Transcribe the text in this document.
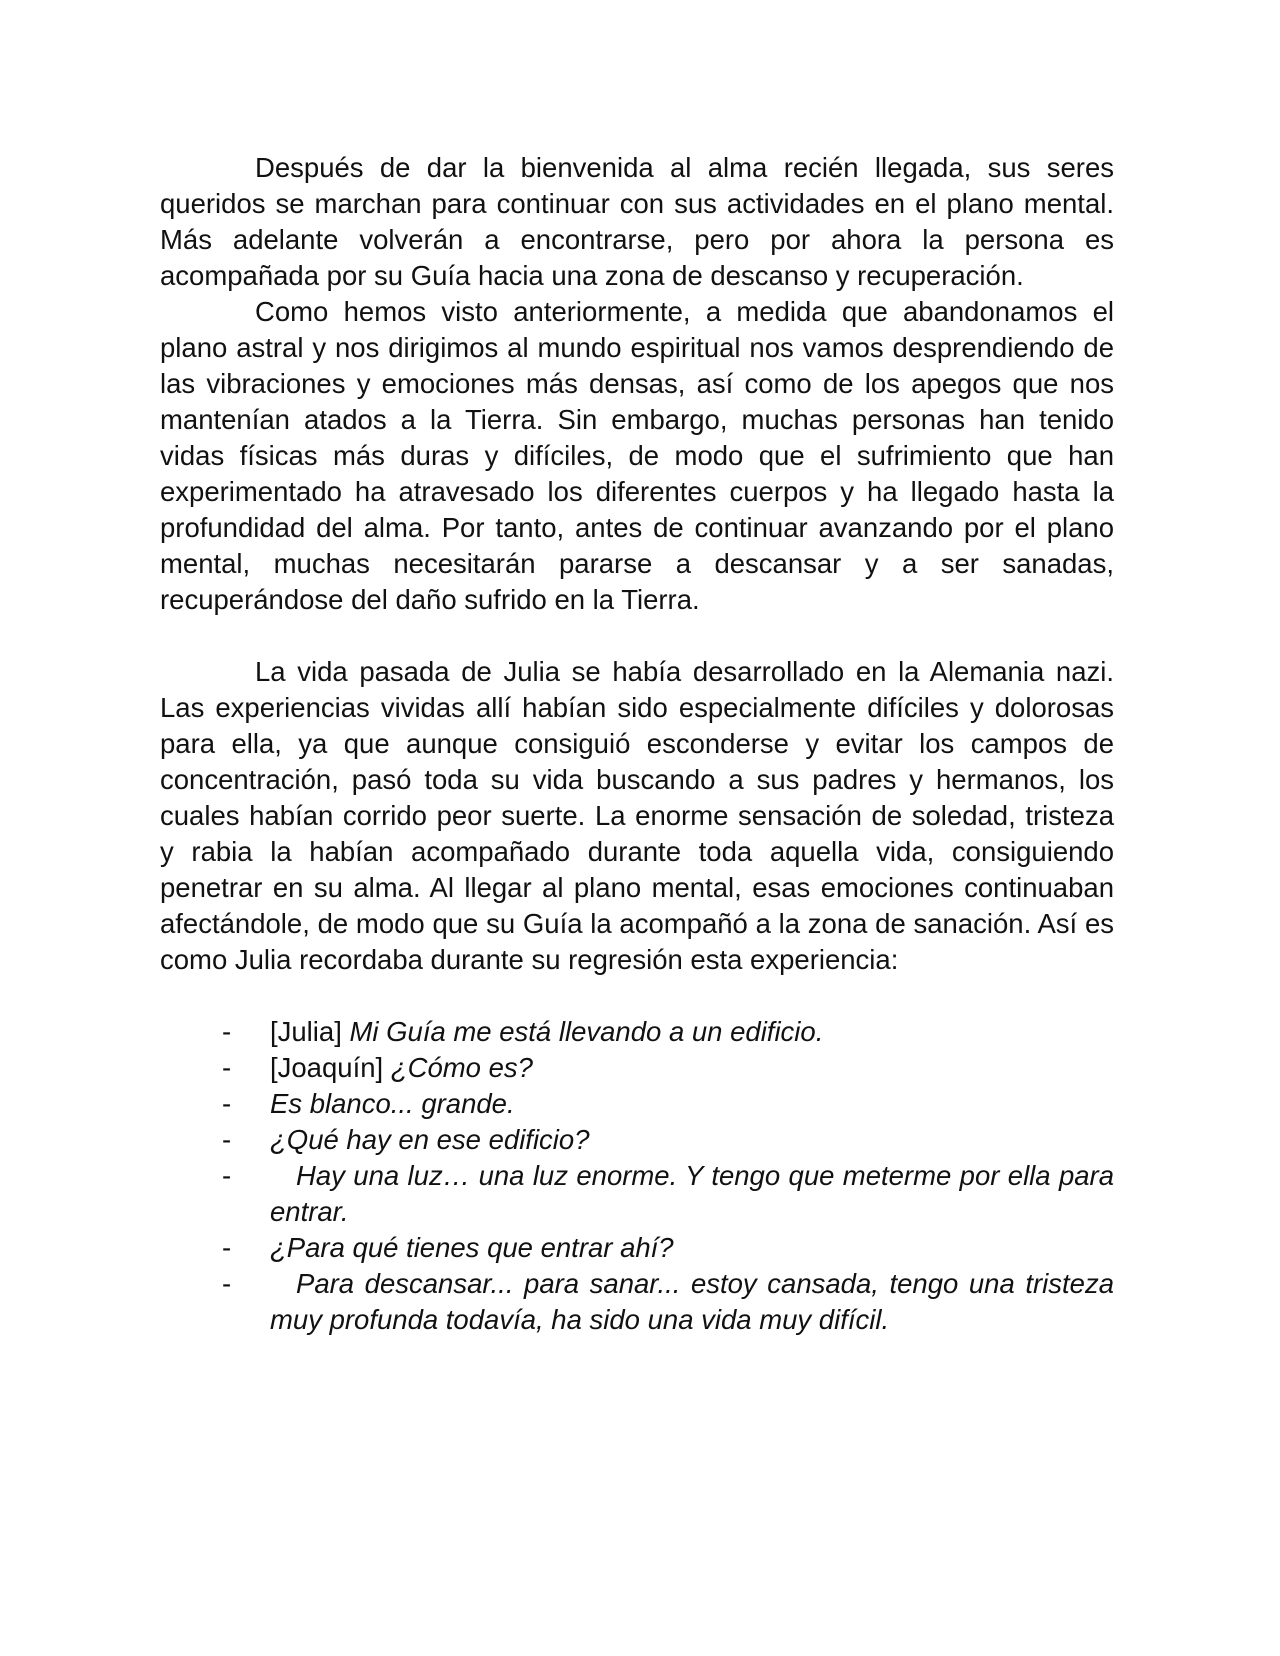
Después de dar la bienvenida al alma recién llegada, sus seres queridos se marchan para continuar con sus actividades en el plano mental. Más adelante volverán a encontrarse, pero por ahora la persona es acompañada por su Guía hacia una zona de descanso y recuperación.

Como hemos visto anteriormente, a medida que abandonamos el plano astral y nos dirigimos al mundo espiritual nos vamos desprendiendo de las vibraciones y emociones más densas, así como de los apegos que nos mantenían atados a la Tierra. Sin embargo, muchas personas han tenido vidas físicas más duras y difíciles, de modo que el sufrimiento que han experimentado ha atravesado los diferentes cuerpos y ha llegado hasta la profundidad del alma. Por tanto, antes de continuar avanzando por el plano mental, muchas necesitarán pararse a descansar y a ser sanadas, recuperándose del daño sufrido en la Tierra.

La vida pasada de Julia se había desarrollado en la Alemania nazi. Las experiencias vividas allí habían sido especialmente difíciles y dolorosas para ella, ya que aunque consiguió esconderse y evitar los campos de concentración, pasó toda su vida buscando a sus padres y hermanos, los cuales habían corrido peor suerte. La enorme sensación de soledad, tristeza y rabia la habían acompañado durante toda aquella vida, consiguiendo penetrar en su alma. Al llegar al plano mental, esas emociones continuaban afectándole, de modo que su Guía la acompañó a la zona de sanación. Así es como Julia recordaba durante su regresión esta experiencia:

- [Julia] Mi Guía me está llevando a un edificio.
- [Joaquín] ¿Cómo es?
- Es blanco... grande.
- ¿Qué hay en ese edificio?
- Hay una luz… una luz enorme. Y tengo que meterme por ella para entrar.
- ¿Para qué tienes que entrar ahí?
- Para descansar... para sanar... estoy cansada, tengo una tristeza muy profunda todavía, ha sido una vida muy difícil.
